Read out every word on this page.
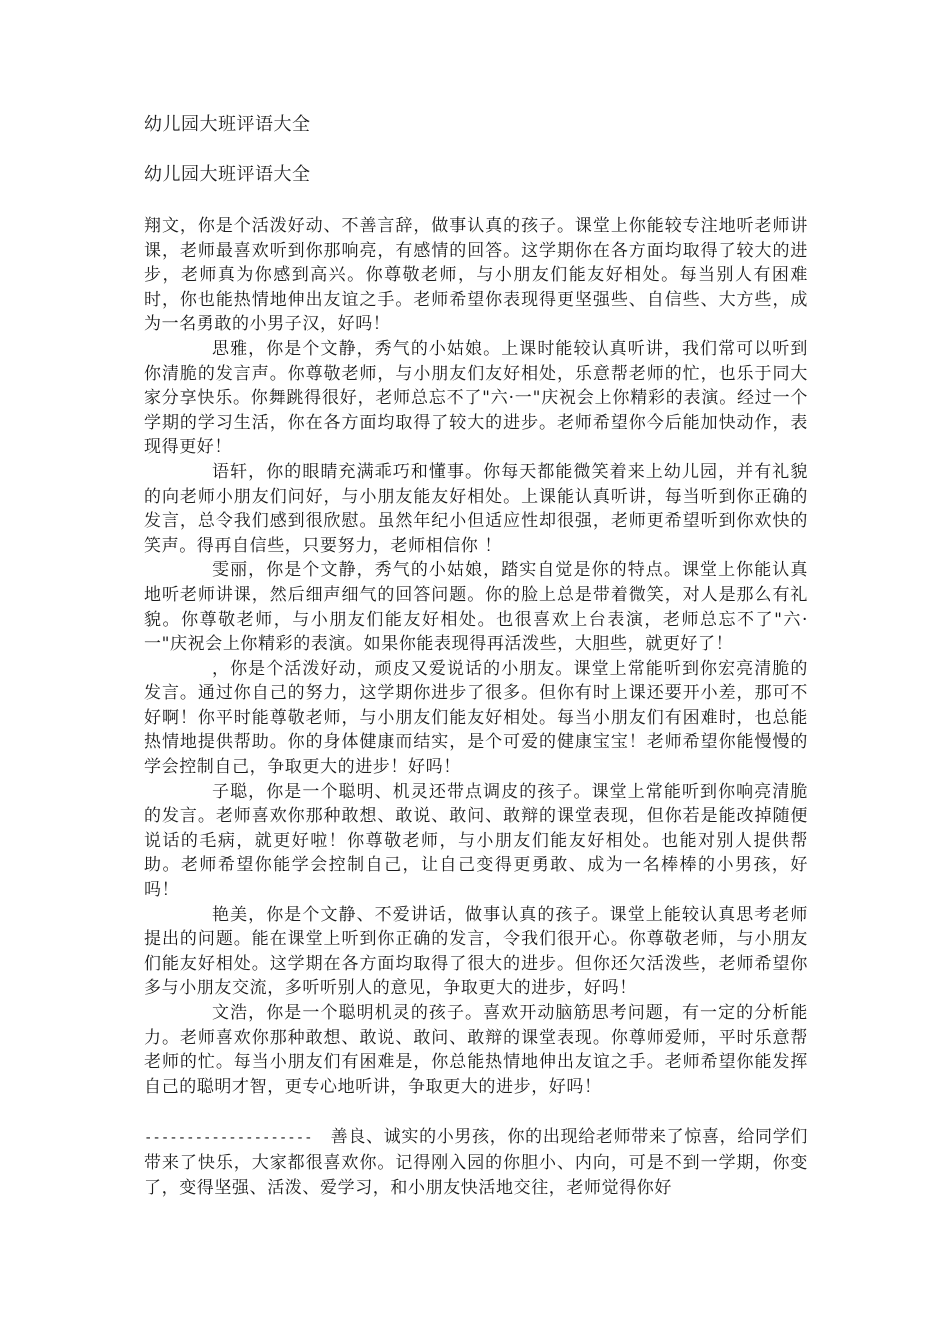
幼儿园大班评语大全
幼儿园大班评语大全

翔文，你是个活泼好动、不善言辞，做事认真的孩子。课堂上你能较专注地听老师讲课，老师最喜欢听到你那响亮，有感情的回答。这学期你在各方面均取得了较大的进步，老师真为你感到高兴。你尊敬老师，与小朋友们能友好相处。每当别人有困难时，你也能热情地伸出友谊之手。老师希望你表现得更坚强些、自信些、大方些，成为一名勇敢的小男子汉，好吗！

思雅，你是个文静，秀气的小姑娘。上课时能较认真听讲，我们常可以听到你清脆的发言声。你尊敬老师，与小朋友们友好相处，乐意帮老师的忙，也乐于同大家分享快乐。你舞跳得很好，老师总忘不了"六·一"庆祝会上你精彩的表演。经过一个学期的学习生活，你在各方面均取得了较大的进步。老师希望你今后能加快动作，表现得更好！

语轩，你的眼睛充满乖巧和懂事。你每天都能微笑着来上幼儿园，并有礼貌的向老师小朋友们问好，与小朋友能友好相处。上课能认真听讲，每当听到你正确的发言，总令我们感到很欣慰。虽然年纪小但适应性却很强，老师更希望听到你欢快的笑声。得再自信些，只要努力，老师相信你 ！

雯丽，你是个文静，秀气的小姑娘，踏实自觉是你的特点。课堂上你能认真地听老师讲课，然后细声细气的回答问题。你的脸上总是带着微笑，对人是那么有礼貌。你尊敬老师，与小朋友们能友好相处。也很喜欢上台表演，老师总忘不了"六·一"庆祝会上你精彩的表演。如果你能表现得再活泼些，大胆些，就更好了！

，你是个活泼好动，顽皮又爱说话的小朋友。课堂上常能听到你宏亮清脆的发言。通过你自己的努力，这学期你进步了很多。但你有时上课还要开小差，那可不好啊！你平时能尊敬老师，与小朋友们能友好相处。每当小朋友们有困难时，也总能热情地提供帮助。你的身体健康而结实，是个可爱的健康宝宝！老师希望你能慢慢的学会控制自己，争取更大的进步！好吗！

子聪，你是一个聪明、机灵还带点调皮的孩子。课堂上常能听到你响亮清脆的发言。老师喜欢你那种敢想、敢说、敢问、敢辩的课堂表现，但你若是能改掉随便说话的毛病，就更好啦！你尊敬老师，与小朋友们能友好相处。也能对别人提供帮助。老师希望你能学会控制自己，让自己变得更勇敢、成为一名棒棒的小男孩，好吗！

艳美，你是个文静、不爱讲话，做事认真的孩子。课堂上能较认真思考老师提出的问题。能在课堂上听到你正确的发言，令我们很开心。你尊敬老师，与小朋友们能友好相处。这学期在各方面均取得了很大的进步。但你还欠活泼些，老师希望你多与小朋友交流，多听听别人的意见，争取更大的进步，好吗！

文浩，你是一个聪明机灵的孩子。喜欢开动脑筋思考问题，有一定的分析能力。老师喜欢你那种敢想、敢说、敢问、敢辩的课堂表现。你尊师爱师，平时乐意帮老师的忙。每当小朋友们有困难是，你总能热情地伸出友谊之手。老师希望你能发挥自己的聪明才智，更专心地听讲，争取更大的进步，好吗！

-------------------- 善良、诚实的小男孩，你的出现给老师带来了惊喜，给同学们带来了快乐，大家都很喜欢你。记得刚入园的你胆小、内向，可是不到一学期，你变了，变得坚强、活泼、爱学习，和小朋友快活地交往，老师觉得你好
